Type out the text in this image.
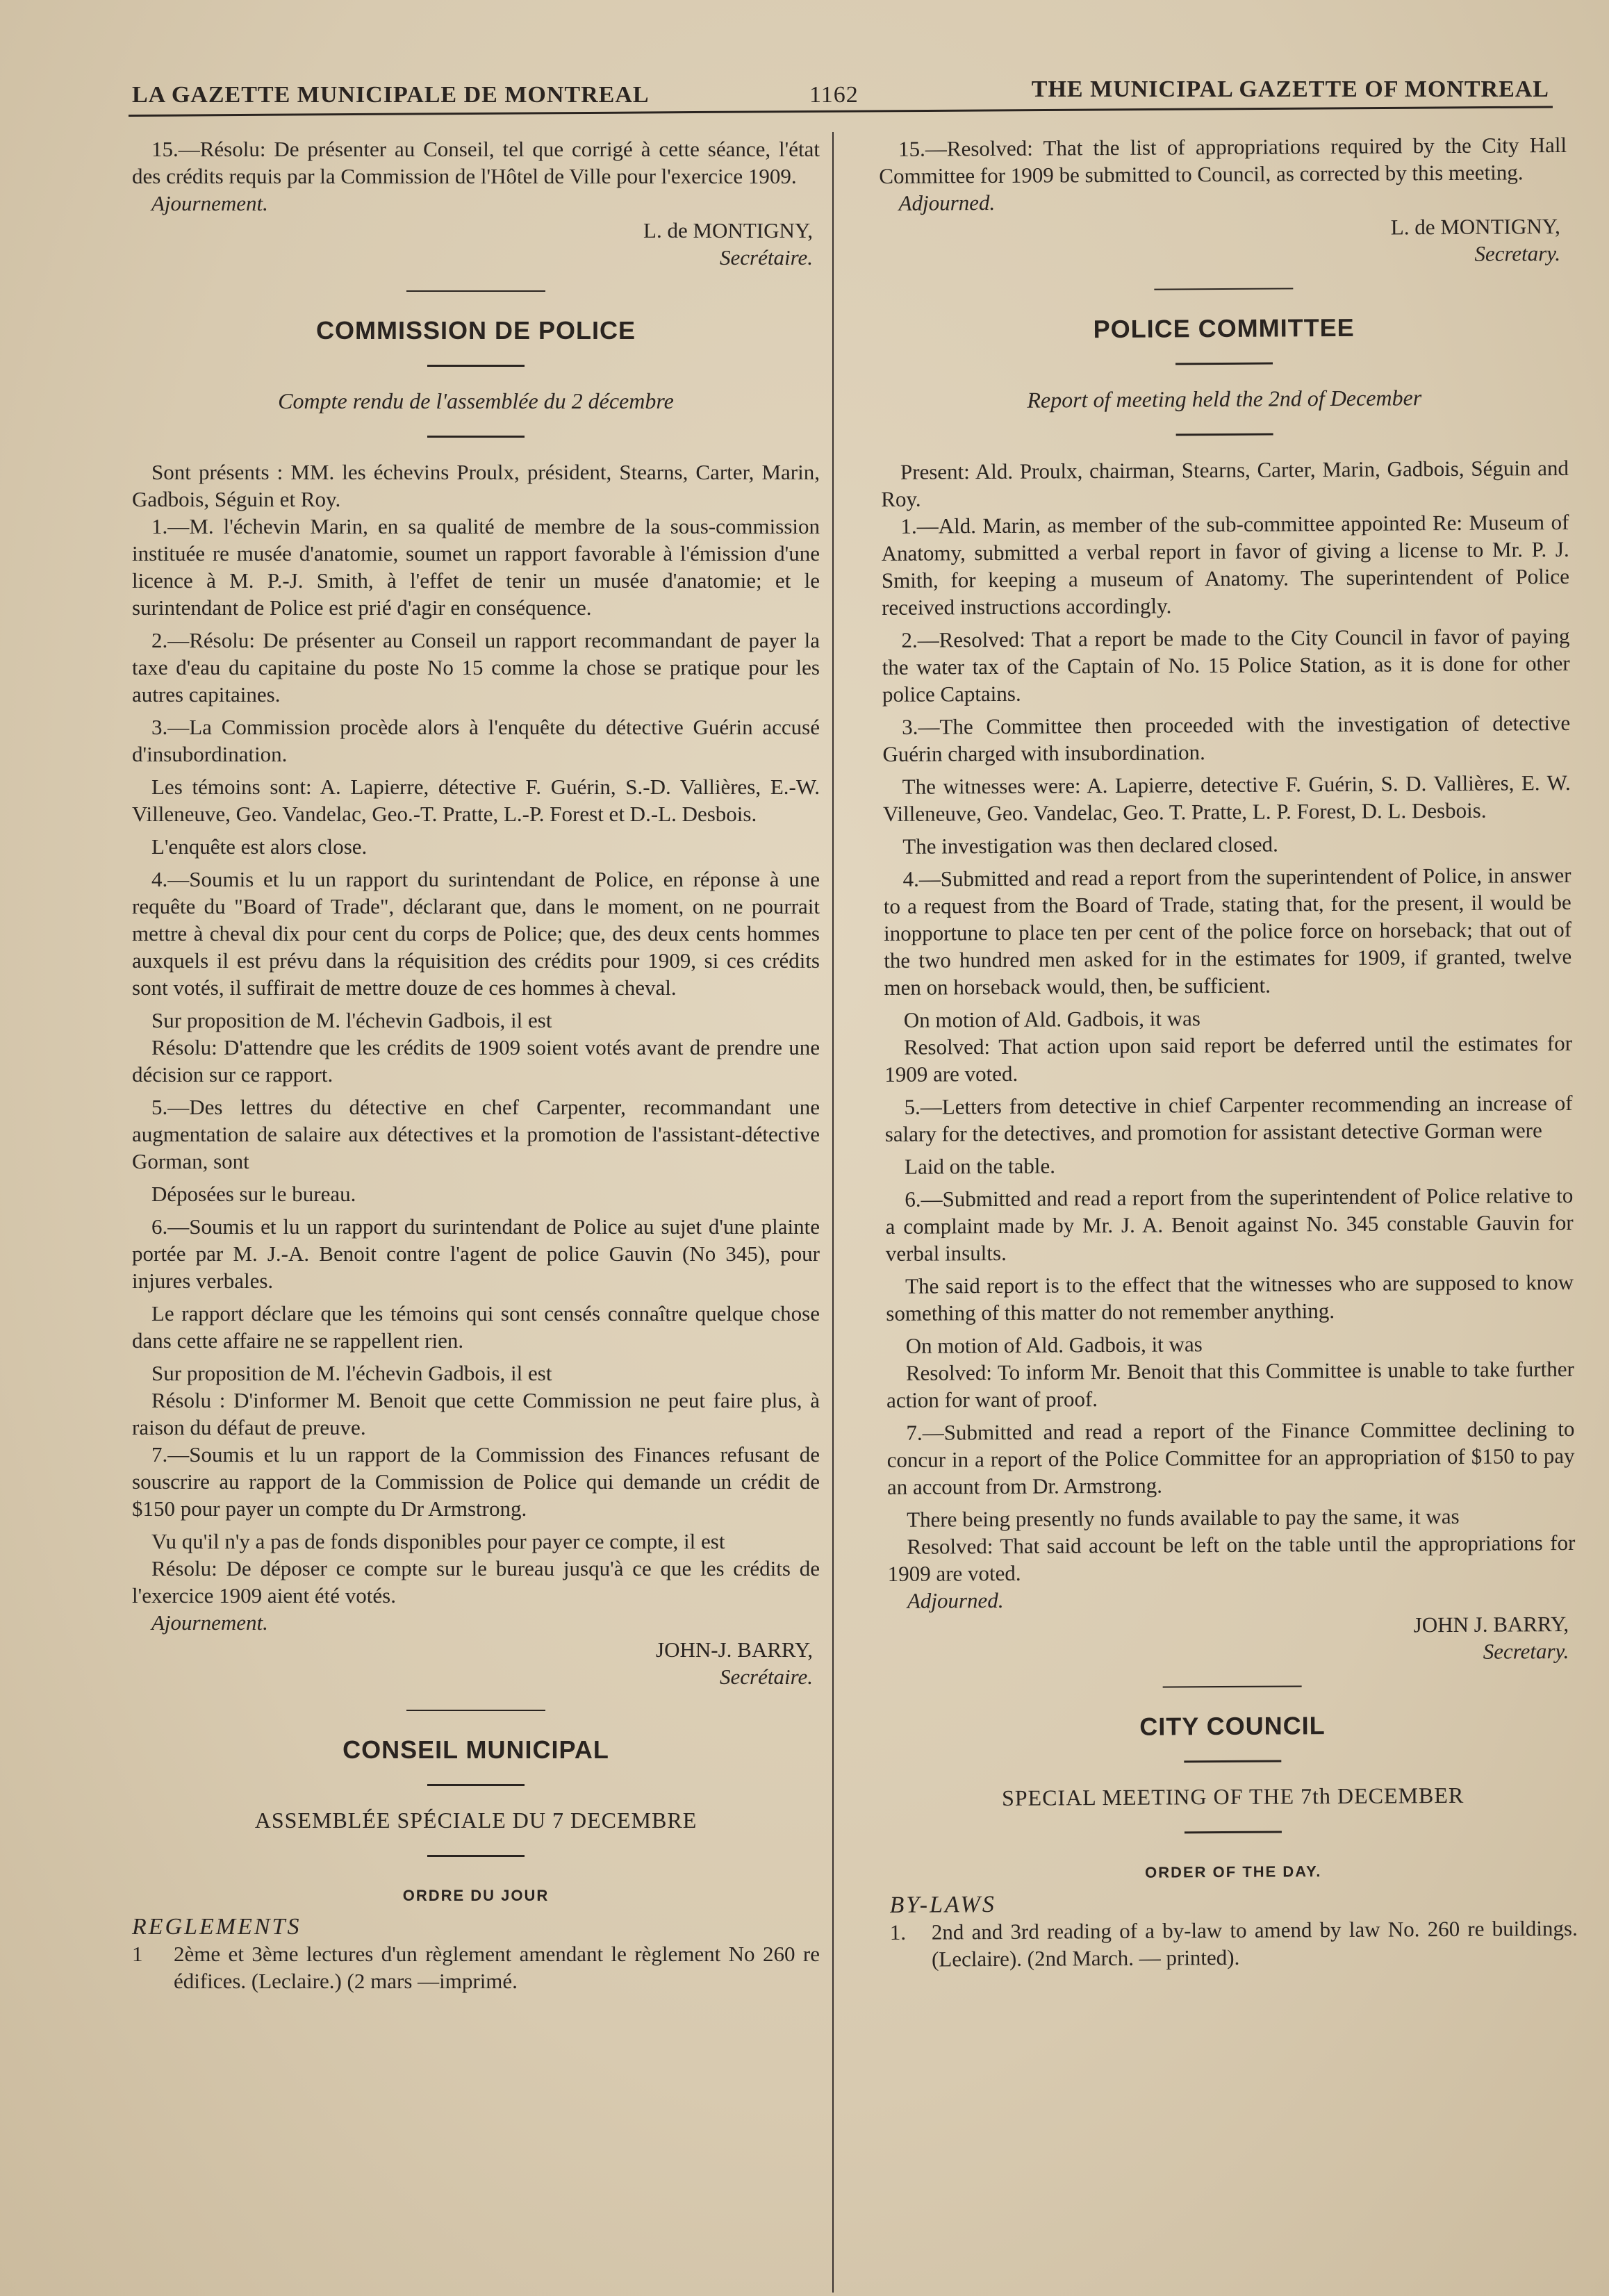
LA GAZETTE MUNICIPALE DE MONTREAL	1162	THE MUNICIPAL GAZETTE OF MONTREAL

15.—Résolu: De présenter au Conseil, tel que corrigé à cette séance, l'état des crédits requis par la Commission de l'Hôtel de Ville pour l'exercice 1909.

Ajournement.

L. de MONTIGNY,

Secrétaire.

COMMISSION DE POLICE
Compte rendu de l'assemblée du 2 décembre

Sont présents : MM. les échevins Proulx, président, Stearns, Carter, Marin, Gadbois, Séguin et Roy.

1.—M. l'échevin Marin, en sa qualité de membre de la sous-commission instituée re musée d'anatomie, soumet un rapport favorable à l'émission d'une licence à M. P.-J. Smith, à l'effet de tenir un musée d'anatomie; et le surintendant de Police est prié d'agir en conséquence.

2.—Résolu: De présenter au Conseil un rapport recommandant de payer la taxe d'eau du capitaine du poste No 15 comme la chose se pratique pour les autres capitaines.

3.—La Commission procède alors à l'enquête du détective Guérin accusé d'insubordination.

Les témoins sont: A. Lapierre, détective F. Guérin, S.-D. Vallières, E.-W. Villeneuve, Geo. Vandelac, Geo.-T. Pratte, L.-P. Forest et D.-L. Desbois.

L'enquête est alors close.

4.—Soumis et lu un rapport du surintendant de Police, en réponse à une requête du "Board of Trade", déclarant que, dans le moment, on ne pourrait mettre à cheval dix pour cent du corps de Police; que, des deux cents hommes auxquels il est prévu dans la réquisition des crédits pour 1909, si ces crédits sont votés, il suffirait de mettre douze de ces hommes à cheval.

Sur proposition de M. l'échevin Gadbois, il est

Résolu: D'attendre que les crédits de 1909 soient votés avant de prendre une décision sur ce rapport.

5.—Des lettres du détective en chef Carpenter, recommandant une augmentation de salaire aux détectives et la promotion de l'assistant-détective Gorman, sont

Déposées sur le bureau.

6.—Soumis et lu un rapport du surintendant de Police au sujet d'une plainte portée par M. J.-A. Benoit contre l'agent de police Gauvin (No 345), pour injures verbales.

Le rapport déclare que les témoins qui sont censés connaître quelque chose dans cette affaire ne se rappellent rien.

Sur proposition de M. l'échevin Gadbois, il est

Résolu : D'informer M. Benoit que cette Commission ne peut faire plus, à raison du défaut de preuve.

7.—Soumis et lu un rapport de la Commission des Finances refusant de souscrire au rapport de la Commission de Police qui demande un crédit de $150 pour payer un compte du Dr Armstrong.

Vu qu'il n'y a pas de fonds disponibles pour payer ce compte, il est

Résolu: De déposer ce compte sur le bureau jusqu'à ce que les crédits de l'exercice 1909 aient été votés.

Ajournement.

JOHN-J. BARRY,

Secrétaire.

CONSEIL MUNICIPAL
ASSEMBLÉE SPÉCIALE DU 7 DECEMBRE
ORDRE DU JOUR

REGLEMENTS

1	2ème et 3ème lectures d'un règlement amendant le règlement No 260 re édifices. (Leclaire.) (2 mars —imprimé.

15.—Resolved: That the list of appropriations required by the City Hall Committee for 1909 be submitted to Council, as corrected by this meeting.

Adjourned.

L. de MONTIGNY,

Secretary.

POLICE COMMITTEE
Report of meeting held the 2nd of December

Present: Ald. Proulx, chairman, Stearns, Carter, Marin, Gadbois, Séguin and Roy.

1.—Ald. Marin, as member of the sub-committee appointed Re: Museum of Anatomy, submitted a verbal report in favor of giving a license to Mr. P. J. Smith, for keeping a museum of Anatomy. The superintendent of Police received instructions accordingly.

2.—Resolved: That a report be made to the City Council in favor of paying the water tax of the Captain of No. 15 Police Station, as it is done for other police Captains.

3.—The Committee then proceeded with the investigation of detective Guérin charged with insubordination.

The witnesses were: A. Lapierre, detective F. Guérin, S. D. Vallières, E. W. Villeneuve, Geo. Vandelac, Geo. T. Pratte, L. P. Forest, D. L. Desbois.

The investigation was then declared closed.

4.—Submitted and read a report from the superintendent of Police, in answer to a request from the Board of Trade, stating that, for the present, il would be inopportune to place ten per cent of the police force on horseback; that out of the two hundred men asked for in the estimates for 1909, if granted, twelve men on horseback would, then, be sufficient.

On motion of Ald. Gadbois, it was

Resolved: That action upon said report be deferred until the estimates for 1909 are voted.

5.—Letters from detective in chief Carpenter recommending an increase of salary for the detectives, and promotion for assistant detective Gorman were

Laid on the table.

6.—Submitted and read a report from the superintendent of Police relative to a complaint made by Mr. J. A. Benoit against No. 345 constable Gauvin for verbal insults.

The said report is to the effect that the witnesses who are supposed to know something of this matter do not remember anything.

On motion of Ald. Gadbois, it was

Resolved: To inform Mr. Benoit that this Committee is unable to take further action for want of proof.

7.—Submitted and read a report of the Finance Committee declining to concur in a report of the Police Committee for an appropriation of $150 to pay an account from Dr. Armstrong.

There being presently no funds available to pay the same, it was

Resolved: That said account be left on the table until the appropriations for 1909 are voted.

Adjourned.

JOHN J. BARRY,

Secretary.

CITY COUNCIL
SPECIAL MEETING OF THE 7th DECEMBER
ORDER OF THE DAY.

BY-LAWS

1.	2nd and 3rd reading of a by-law to amend by law No. 260 re buildings. (Leclaire). (2nd March. — printed).
